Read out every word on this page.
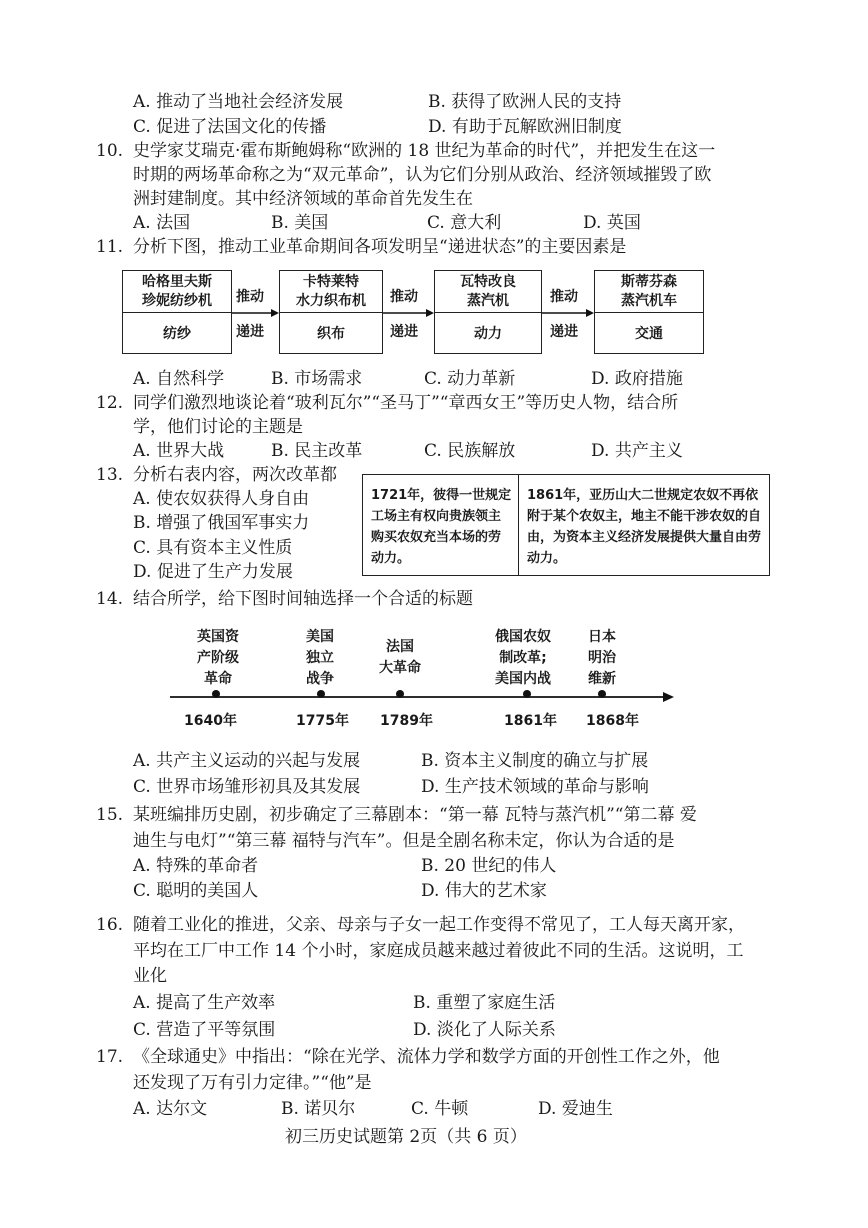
A. 推动了当地社会经济发展	B. 获得了欧洲人民的支持
C. 促进了法国文化的传播	D. 有助于瓦解欧洲旧制度
10. 史学家艾瑞克·霍布斯鲍姆称“欧洲的 18 世纪为革命的时代”，并把发生在这一
时期的两场革命称之为“双元革命”，认为它们分别从政治、经济领域摧毁了欧
洲封建制度。其中经济领域的革命首先发生在
A. 法国	B. 美国	C. 意大利	D. 英国
11. 分析下图，推动工业革命期间各项发明呈“递进状态”的主要因素是
哈格里夫斯
珍妮纺纱机
纺纱
卡特莱特
水力织布机
织布
瓦特改良
蒸汽机
动力
斯蒂芬森
蒸汽机车
交通
推动
递进
推动
递进
推动
递进
A. 自然科学	B. 市场需求	C. 动力革新	D. 政府措施
12. 同学们激烈地谈论着“玻利瓦尔”“圣马丁”“章西女王”等历史人物，结合所
学，他们讨论的主题是
A. 世界大战	B. 民主改革	C. 民族解放	D. 共产主义
13. 分析右表内容，两次改革都
A. 使农奴获得人身自由
B. 增强了俄国军事实力
C. 具有资本主义性质
D. 促进了生产力发展
1721年，彼得一世规定工场主有权向贵族领主购买农奴充当本场的劳动力。
1861年，亚历山大二世规定农奴不再依附于某个农奴主，地主不能干涉农奴的自由，为资本主义经济发展提供大量自由劳动力。
14. 结合所学，给下图时间轴选择一个合适的标题
英国资
产阶级
革命
美国
独立
战争
法国
大革命
俄国农奴
制改革;
美国内战
日本
明治
维新
1640年	1775年 1789年	1861年 1868年
A. 共产主义运动的兴起与发展	B. 资本主义制度的确立与扩展
C. 世界市场雏形初具及其发展	D. 生产技术领域的革命与影响
15. 某班编排历史剧，初步确定了三幕剧本：“第一幕 瓦特与蒸汽机”“第二幕 爱
迪生与电灯”“第三幕 福特与汽车”。但是全剧名称未定，你认为合适的是
A. 特殊的革命者	B. 20 世纪的伟人
C. 聪明的美国人	D. 伟大的艺术家
16. 随着工业化的推进，父亲、母亲与子女一起工作变得不常见了，工人每天离开家，
平均在工厂中工作 14 个小时，家庭成员越来越过着彼此不同的生活。这说明，工
业化
A. 提高了生产效率	B. 重塑了家庭生活
C. 营造了平等氛围	D. 淡化了人际关系
17. 《全球通史》中指出：“除在光学、流体力学和数学方面的开创性工作之外，他
还发现了万有引力定律。”“他”是
A. 达尔文	B. 诺贝尔	C. 牛顿	D. 爱迪生
初三历史试题第 2页（共 6 页）
